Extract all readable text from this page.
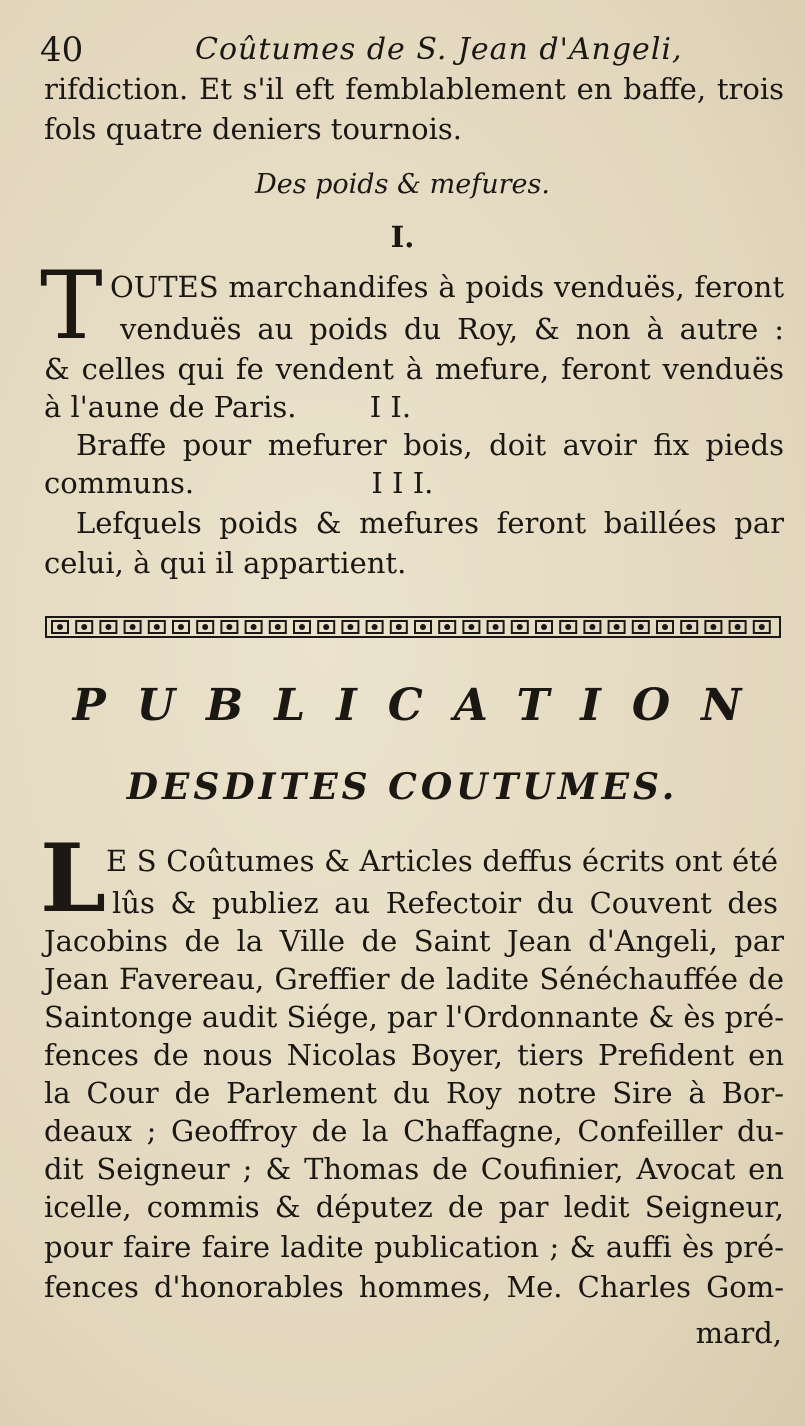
40	Coûtumes de S. Jean d'Angeli,
rifdiction. Et s'il eft femblablement en baffe, trois
fols quatre deniers tournois.
Des poids & mefures.
I.
T OUTES marchandifes à poids venduës, feront
venduës au poids du Roy, & non à autre :
& celles qui fe vendent à mefure, feront venduës
à l'aune de Paris.	I I.
Braffe pour mefurer bois, doit avoir fix pieds
communs.	I I I.
Lefquels poids & mefures feront baillées par
celui, à qui il appartient.
PUBLICATION
DESDITES COUTUMES.
L E S Coûtumes & Articles deffus écrits ont été
lûs & publiez au Refectoir du Couvent des
Jacobins de la Ville de Saint Jean d'Angeli, par
Jean Favereau, Greffier de ladite Sénéchauffée de
Saintonge audit Siége, par l'Ordonnante & ès pré-
fences de nous Nicolas Boyer, tiers Prefident en
la Cour de Parlement du Roy notre Sire à Bor-
deaux ; Geoffroy de la Chaffagne, Confeiller du-
dit Seigneur ; & Thomas de Coufinier, Avocat en
icelle, commis & députez de par ledit Seigneur,
pour faire faire ladite publication ; & auffi ès pré-
fences d'honorables hommes, Me. Charles Gom-
mard,
